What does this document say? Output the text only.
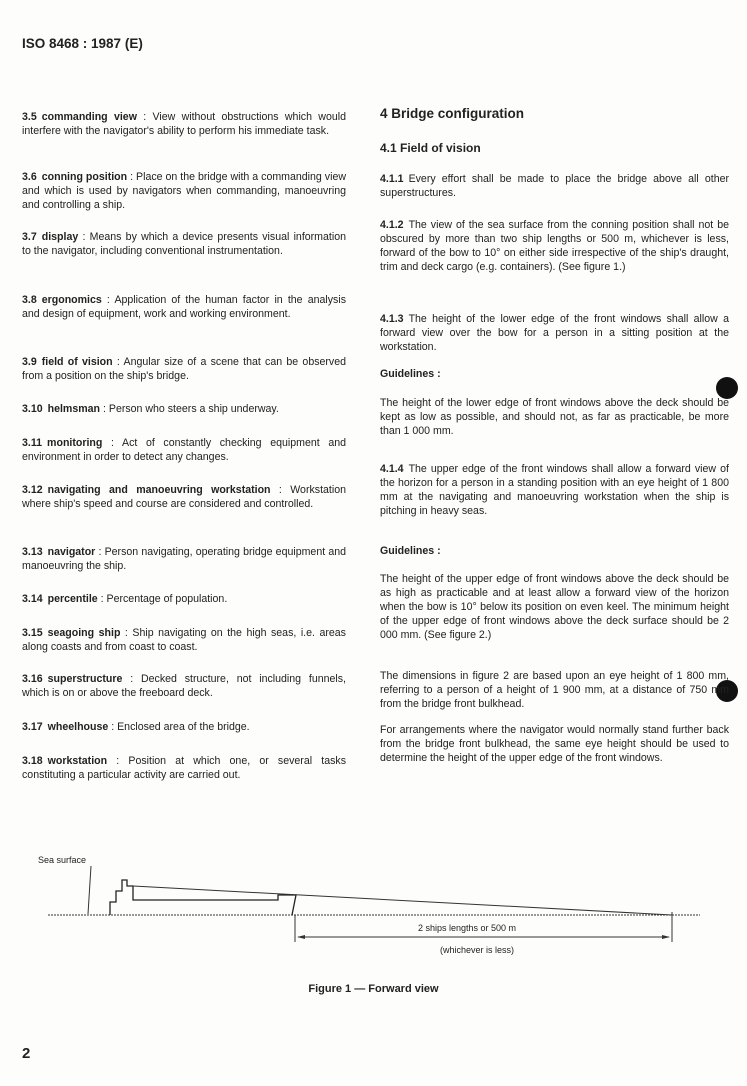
ISO 8468 : 1987 (E)
4 Bridge configuration
4.1 Field of vision
Sea surface
2 ships lengths or 500 m
(whichever is less)
Figure 1 — Forward view
2

3.5 commanding view : View without obstructions which would interfere with the navigator's ability to perform his immediate task.

3.6 conning position : Place on the bridge with a commanding view and which is used by navigators when commanding, manoeuvring and controlling a ship.

3.7 display : Means by which a device presents visual information to the navigator, including conventional instrumentation.

3.8 ergonomics : Application of the human factor in the analysis and design of equipment, work and working environment.

3.9 field of vision : Angular size of a scene that can be observed from a position on the ship's bridge.

3.10 helmsman : Person who steers a ship underway.

3.11 monitoring : Act of constantly checking equipment and environment in order to detect any changes.

3.12 navigating and manoeuvring workstation : Workstation where ship's speed and course are considered and controlled.

3.13 navigator : Person navigating, operating bridge equipment and manoeuvring the ship.

3.14 percentile : Percentage of population.

3.15 seagoing ship : Ship navigating on the high seas, i.e. areas along coasts and from coast to coast.

3.16 superstructure : Decked structure, not including funnels, which is on or above the freeboard deck.

3.17 wheelhouse : Enclosed area of the bridge.

3.18 workstation : Position at which one, or several tasks constituting a particular activity are carried out.

4.1.1 Every effort shall be made to place the bridge above all other superstructures.

4.1.2 The view of the sea surface from the conning position shall not be obscured by more than two ship lengths or 500 m, whichever is less, forward of the bow to 10° on either side irrespective of the ship's draught, trim and deck cargo (e.g. containers). (See figure 1.)

4.1.3 The height of the lower edge of the front windows shall allow a forward view over the bow for a person in a sitting position at the workstation.

Guidelines :

The height of the lower edge of front windows above the deck should be kept as low as possible, and should not, as far as practicable, be more than 1 000 mm.

4.1.4 The upper edge of the front windows shall allow a forward view of the horizon for a person in a standing position with an eye height of 1 800 mm at the navigating and manoeuvring workstation when the ship is pitching in heavy seas.

Guidelines :

The height of the upper edge of front windows above the deck should be as high as practicable and at least allow a forward view of the horizon when the bow is 10° below its position on even keel. The minimum height of the upper edge of front windows above the deck surface should be 2 000 mm. (See figure 2.)

The dimensions in figure 2 are based upon an eye height of 1 800 mm, referring to a person of a height of 1 900 mm, at a distance of 750 mm from the bridge front bulkhead.

For arrangements where the navigator would normally stand further back from the bridge front bulkhead, the same eye height should be used to determine the height of the upper edge of the front windows.
